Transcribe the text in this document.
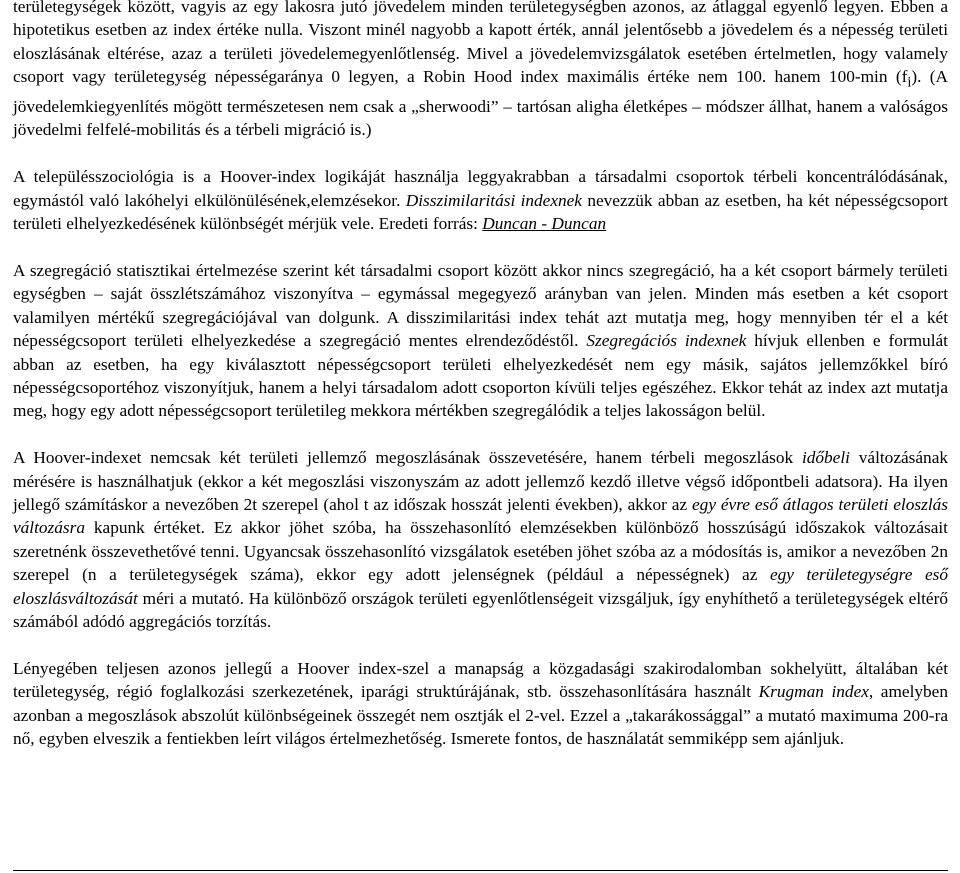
területegységek között, vagyis az egy lakosra jutó jövedelem minden területegységben azonos, az átlaggal egyenlő legyen. Ebben a hipotetikus esetben az index értéke nulla. Viszont minél nagyobb a kapott érték, annál jelentősebb a jövedelem és a népesség területi eloszlásának eltérése, azaz a területi jövedelemegyenlőtlenség. Mivel a jövedelemvizsgálatok esetében értelmetlen, hogy valamely csoport vagy területegység népességaránya 0 legyen, a Robin Hood index maximális értéke nem 100. hanem 100-min $(f_i)$. (A jövedelemkiegyenlítés mögött természetesen nem csak a „sherwoodi” – tartósan aligha életképes – módszer állhat, hanem a valóságos jövedelmi felfelé-mobilitás és a térbeli migráció is.)

A településszociológia is a Hoover-index logikáját használja leggyakrabban a társadalmi csoportok térbeli koncentrálódásának, egymástól való lakóhelyi elkülönülésének,elemzésekor. Disszimilaritási indexnek nevezzük abban az esetben, ha két népességcsoport területi elhelyezkedésének különbségét mérjük vele. Eredeti forrás: Duncan - Duncan

A szegregáció statisztikai értelmezése szerint két társadalmi csoport között akkor nincs szegregáció, ha a két csoport bármely területi egységben – saját összlétszámához viszonyítva – egymással megegyező arányban van jelen. Minden más esetben a két csoport valamilyen mértékű szegregációjával van dolgunk. A disszimilaritási index tehát azt mutatja meg, hogy mennyiben tér el a két népességcsoport területi elhelyezkedése a szegregáció mentes elrendeződéstől. Szegregációs indexnek hívjuk ellenben e formulát abban az esetben, ha egy kiválasztott népességcsoport területi elhelyezkedését nem egy másik, sajátos jellemzőkkel bíró népességcsoportéhoz viszonyítjuk, hanem a helyi társadalom adott csoporton kívüli teljes egészéhez. Ekkor tehát az index azt mutatja meg, hogy egy adott népességcsoport területileg mekkora mértékben szegregálódik a teljes lakosságon belül.

A Hoover-indexet nemcsak két területi jellemző megoszlásának összevetésére, hanem térbeli megoszlások időbeli változásának mérésére is használhatjuk (ekkor a két megoszlási viszonyszám az adott jellemző kezdő illetve végső időpontbeli adatsora). Ha ilyen jellegő számításkor a nevezőben 2t szerepel (ahol t az időszak hosszát jelenti években), akkor az egy évre eső átlagos területi eloszlás változásra kapunk értéket. Ez akkor jöhet szóba, ha összehasonlító elemzésekben különböző hosszúságú időszakok változásait szeretnénk összevethetővé tenni. Ugyancsak összehasonlító vizsgálatok esetében jöhet szóba az a módosítás is, amikor a nevezőben 2n szerepel (n a területegységek száma), ekkor egy adott jelenségnek (például a népességnek) az egy területegységre eső eloszlásváltozását méri a mutató. Ha különböző országok területi egyenlőtlenségeit vizsgáljuk, így enyhíthető a területegységek eltérő számából adódó aggregációs torzítás.

Lényegében teljesen azonos jellegű a Hoover index-szel a manapság a közgadasági szakirodalomban sokhelyütt, általában két területegység, régió foglalkozási szerkezetének, iparági struktúrájának, stb. összehasonlítására használt Krugman index, amelyben azonban a megoszlások abszolút különbségeinek összegét nem osztják el 2-vel. Ezzel a „takarákossággal” a mutató maximuma 200-ra nő, egyben elveszik a fentiekben leírt világos értelmezhetőség. Ismerete fontos, de használatát semmiképp sem ajánljuk.
